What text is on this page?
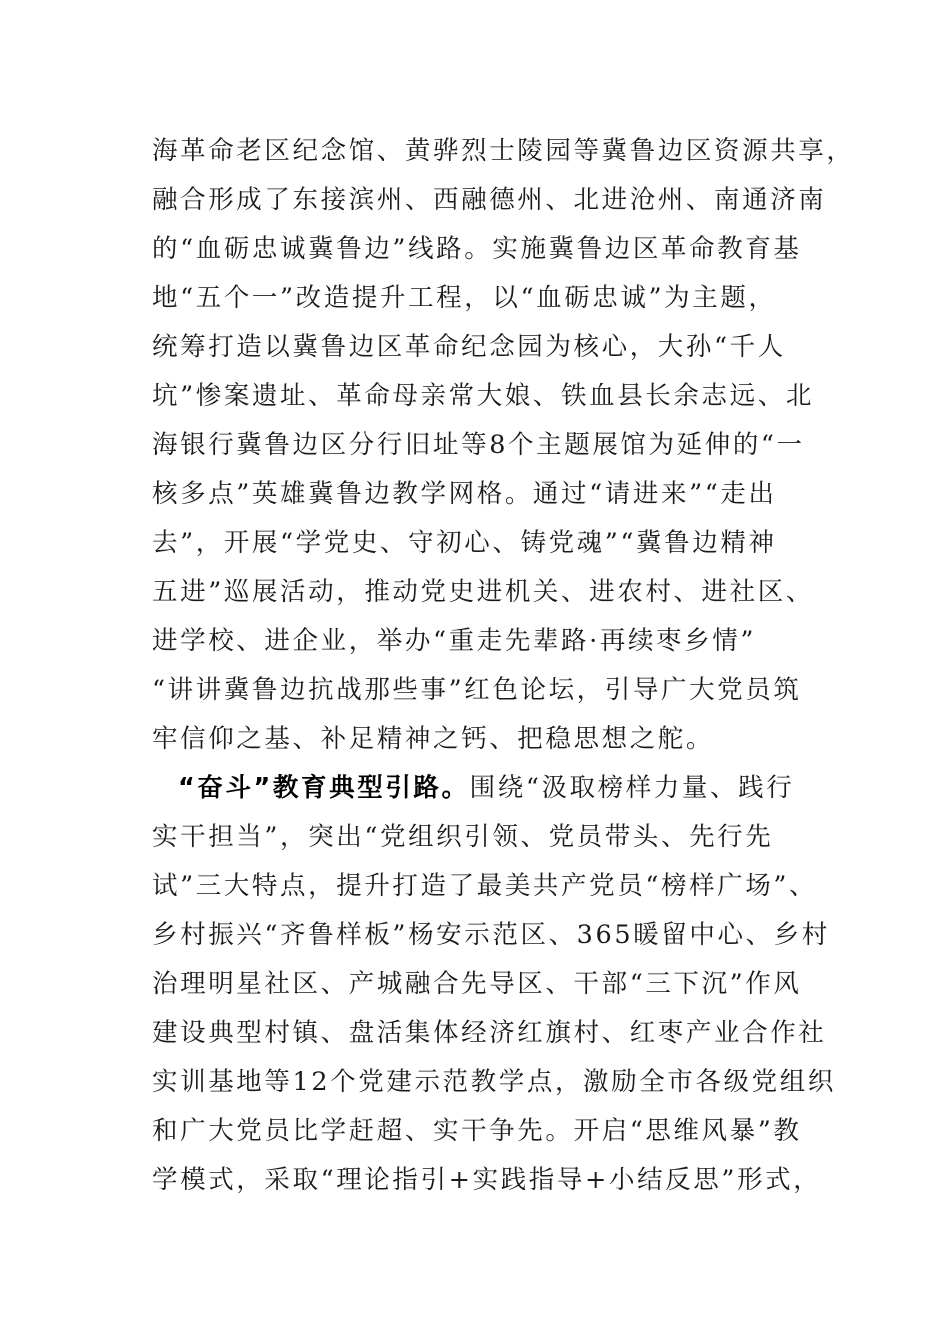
海革命老区纪念馆、黄骅烈士陵园等冀鲁边区资源共享，
融合形成了东接滨州、西融德州、北进沧州、南通济南
的“血砺忠诚冀鲁边”线路。实施冀鲁边区革命教育基
地“五个一”改造提升工程，以“血砺忠诚”为主题，
统筹打造以冀鲁边区革命纪念园为核心，大孙“千人
坑”惨案遗址、革命母亲常大娘、铁血县长余志远、北
海银行冀鲁边区分行旧址等8个主题展馆为延伸的“一
核多点”英雄冀鲁边教学网格。通过“请进来”“走出
去”，开展“学党史、守初心、铸党魂”“冀鲁边精神
五进”巡展活动，推动党史进机关、进农村、进社区、
进学校、进企业，举办“重走先辈路·再续枣乡情”
“讲讲冀鲁边抗战那些事”红色论坛，引导广大党员筑
牢信仰之基、补足精神之钙、把稳思想之舵。
“奋斗”教育典型引路。围绕“汲取榜样力量、践行
实干担当”，突出“党组织引领、党员带头、先行先
试”三大特点，提升打造了最美共产党员“榜样广场”、
乡村振兴“齐鲁样板”杨安示范区、365暖留中心、乡村
治理明星社区、产城融合先导区、干部“三下沉”作风
建设典型村镇、盘活集体经济红旗村、红枣产业合作社
实训基地等12个党建示范教学点，激励全市各级党组织
和广大党员比学赶超、实干争先。开启“思维风暴”教
学模式，采取“理论指引+实践指导+小结反思”形式，
